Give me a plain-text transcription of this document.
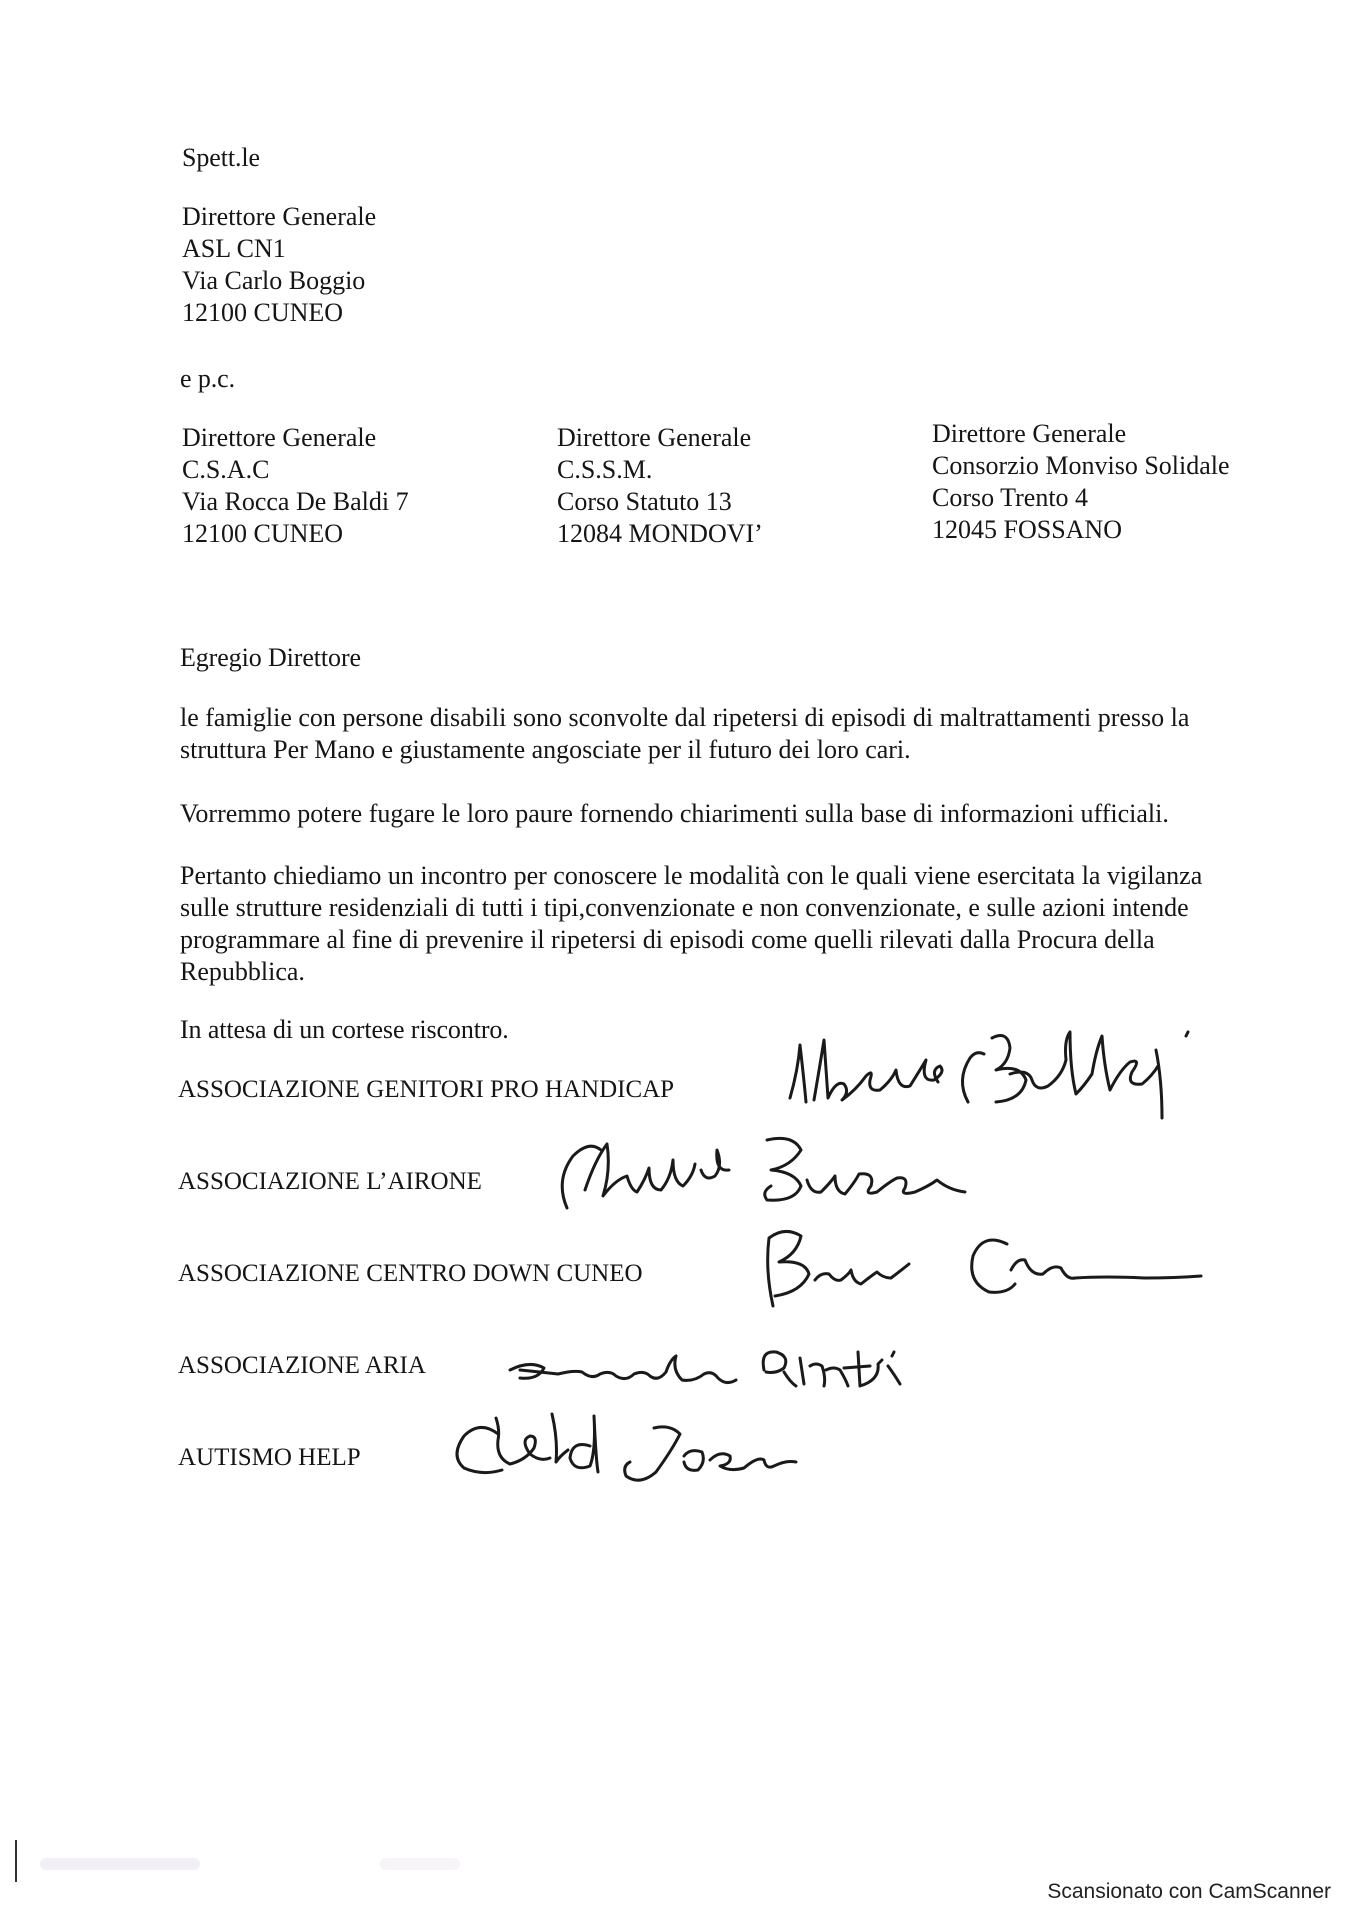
Spett.le
Direttore Generale
ASL CN1
Via Carlo Boggio
12100 CUNEO
e p.c.
Direttore Generale
C.S.A.C
Via Rocca De Baldi 7
12100 CUNEO
Direttore Generale
C.S.S.M.
Corso Statuto 13
12084 MONDOVI’
Direttore Generale
Consorzio Monviso Solidale
Corso Trento 4
12045 FOSSANO
Egregio Direttore
le famiglie con persone disabili sono sconvolte dal ripetersi di episodi di maltrattamenti presso la
struttura Per Mano e giustamente angosciate per il futuro dei loro cari.
Vorremmo potere fugare le loro paure fornendo chiarimenti sulla base di informazioni ufficiali.
Pertanto chiediamo un incontro per conoscere le modalità con le quali viene esercitata la vigilanza
sulle strutture residenziali di tutti i tipi,convenzionate e non convenzionate, e sulle azioni intende
programmare al fine di prevenire il ripetersi di episodi come quelli rilevati dalla Procura della
Repubblica.
In attesa di un cortese riscontro.
ASSOCIAZIONE GENITORI PRO HANDICAP
ASSOCIAZIONE L’AIRONE
ASSOCIAZIONE CENTRO DOWN CUNEO
ASSOCIAZIONE ARIA
AUTISMO HELP
Scansionato con CamScanner
